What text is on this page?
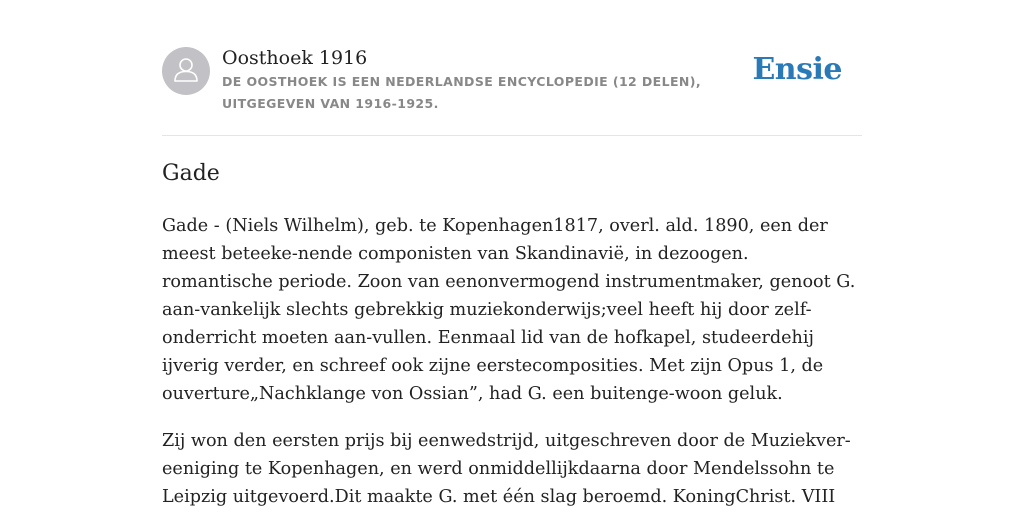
Oosthoek 1916
DE OOSTHOEK IS EEN NEDERLANDSE ENCYCLOPEDIE (12 DELEN), UITGEGEVEN VAN 1916-1925.
Ensie
Gade

Gade - (Niels Wilhelm), geb. te Kopenhagen1817, overl. ald. 1890, een der meest beteeke-nende componisten van Skandinavië, in dezoogen. romantische periode. Zoon van eenonvermogend instrumentmaker, genoot G. aan-vankelijk slechts gebrekkig muziekonderwijs;veel heeft hij door zelf-onderricht moeten aan-vullen. Eenmaal lid van de hofkapel, studeerdehij ijverig verder, en schreef ook zijne eerstecomposities. Met zijn Opus 1, de ouverture„Nachklange von Ossian”, had G. een buitenge-woon geluk.

Zij won den eersten prijs bij eenwedstrijd, uitgeschreven door de Muziekver-eeniging te Kopenhagen, en werd onmiddellijkdaarna door Mendelssohn te Leipzig uitgevoerd.Dit maakte G. met één slag beroemd. KoningChrist. VIII
